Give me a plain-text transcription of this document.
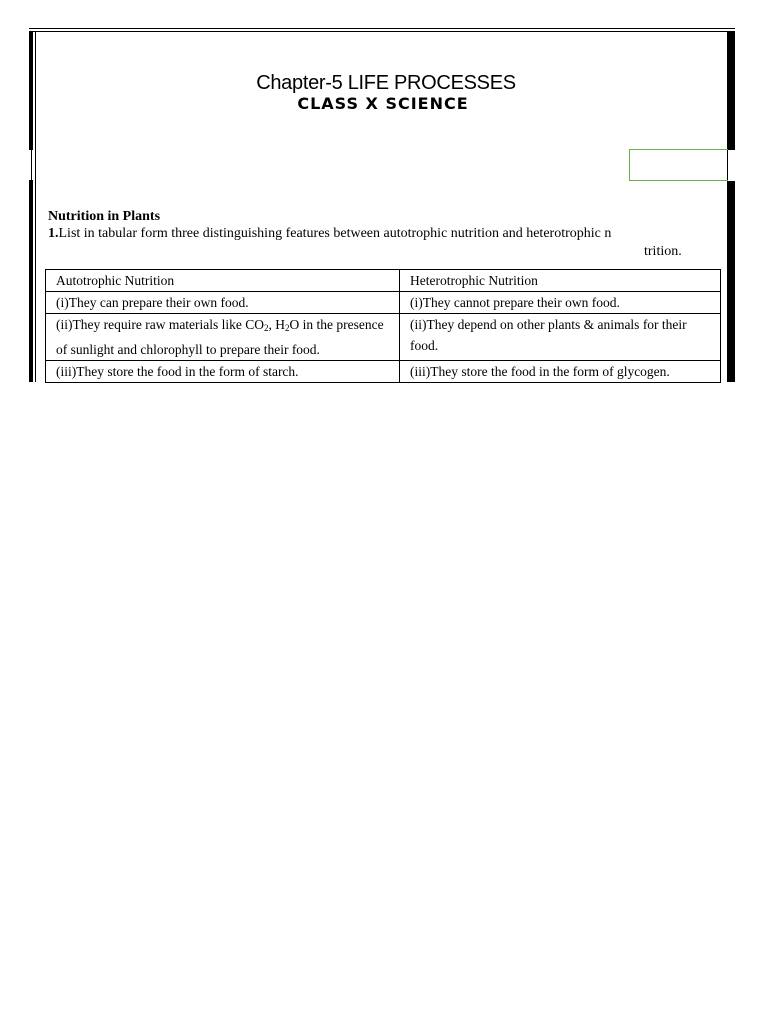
Chapter-5 LIFE PROCESSES
CLASS X SCIENCE
Nutrition in Plants
1.List in tabular form three distinguishing features between autotrophic nutrition and heterotrophic n
trition.
Autotrophic Nutrition	Heterotrophic Nutrition
(i)They can prepare their own food.	(i)They cannot prepare their own food.
(ii)They require raw materials like $CO_2$, $H_2O$ in the presence of sunlight and chlorophyll to prepare their food.	(ii)They depend on other plants & animals for their food.
(iii)They store the food in the form of starch.	(iii)They store the food in the form of glycogen.
